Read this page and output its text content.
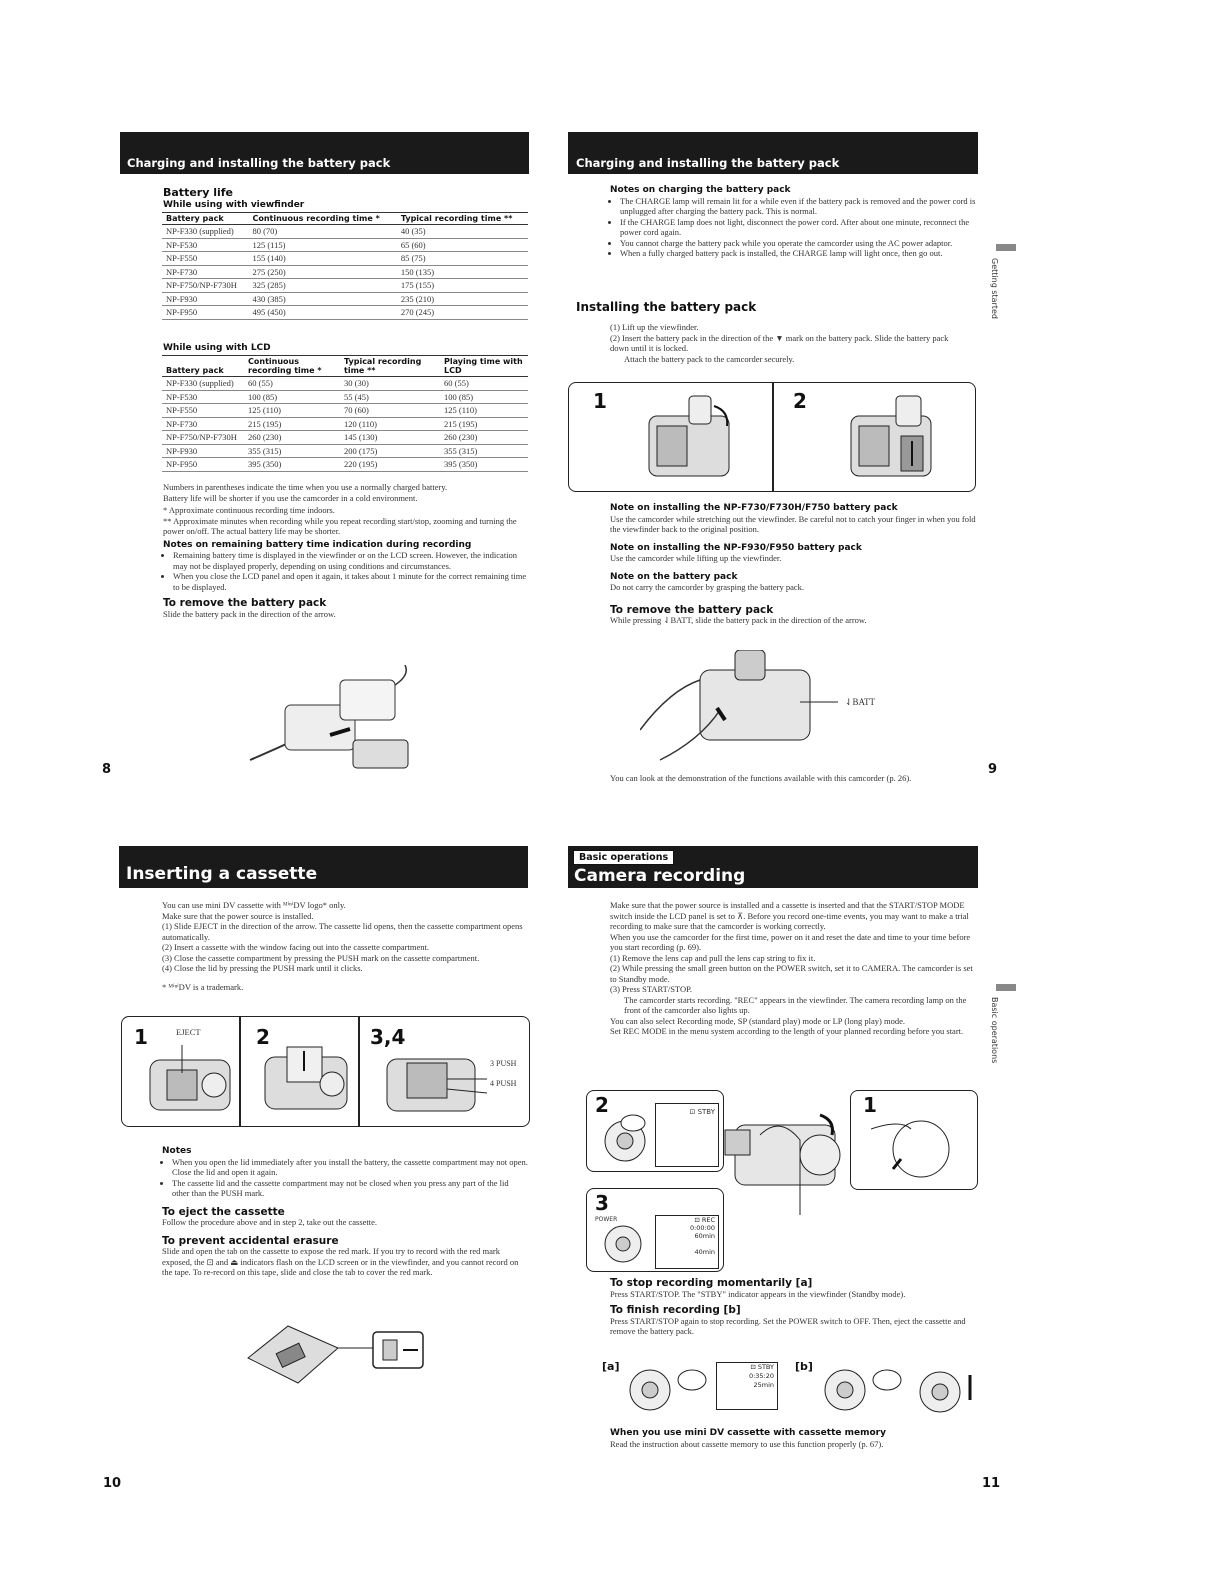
Charging and installing the battery pack
Battery life
While using with viewfinder
Battery pack	Continuous recording time *	Typical recording time **
NP-F330 (supplied)	80 (70)	40 (35)
NP-F530	125 (115)	65 (60)
NP-F550	155 (140)	85 (75)
NP-F730	275 (250)	150 (135)
NP-F750/NP-F730H	325 (285)	175 (155)
NP-F930	430 (385)	235 (210)
NP-F950	495 (450)	270 (245)
While using with LCD
Battery pack	Continuous recording time *	Typical recording time **	Playing time with LCD
NP-F330 (supplied)	60 (55)	30 (30)	60 (55)
NP-F530	100 (85)	55 (45)	100 (85)
NP-F550	125 (110)	70 (60)	125 (110)
NP-F730	215 (195)	120 (110)	215 (195)
NP-F750/NP-F730H	260 (230)	145 (130)	260 (230)
NP-F930	355 (315)	200 (175)	355 (315)
NP-F950	395 (350)	220 (195)	395 (350)
Numbers in parentheses indicate the time when you use a normally charged battery.
Battery life will be shorter if you use the camcorder in a cold environment.
* Approximate continuous recording time indoors.
** Approximate minutes when recording while you repeat recording start/stop, zooming and turning the power on/off. The actual battery life may be shorter.
Notes on remaining battery time indication during recording
• Remaining battery time is displayed in the viewfinder or on the LCD screen. However, the indication may not be displayed properly, depending on using conditions and circumstances.
• When you close the LCD panel and open it again, it takes about 1 minute for the correct remaining time to be displayed.
To remove the battery pack
Slide the battery pack in the direction of the arrow.
8
Charging and installing the battery pack
Notes on charging the battery pack
• The CHARGE lamp will remain lit for a while even if the battery pack is removed and the power cord is unplugged after charging the battery pack. This is normal.
• If the CHARGE lamp does not light, disconnect the power cord. After about one minute, reconnect the power cord again.
• You cannot charge the battery pack while you operate the camcorder using the AC power adaptor.
• When a fully charged battery pack is installed, the CHARGE lamp will light once, then go out.
Installing the battery pack
(1) Lift up the viewfinder.
(2) Insert the battery pack in the direction of the ▼ mark on the battery pack. Slide the battery pack down until it is locked.
Attach the battery pack to the camcorder securely.
1	2
Note on installing the NP-F730/F730H/F750 battery pack
Use the camcorder while stretching out the viewfinder. Be careful not to catch your finger in when you fold the viewfinder back to the original position.
Note on installing the NP-F930/F950 battery pack
Use the camcorder while lifting up the viewfinder.
Note on the battery pack
Do not carry the camcorder by grasping the battery pack.
To remove the battery pack
While pressing ⇃BATT, slide the battery pack in the direction of the arrow.
⇃BATT
You can look at the demonstration of the functions available with this camcorder (p. 26).
Getting started
9
Inserting a cassette
You can use mini DV cassette with ᴹⁱⁿⁱDV logo* only.
Make sure that the power source is installed.
(1) Slide EJECT in the direction of the arrow. The cassette lid opens, then the cassette compartment opens automatically.
(2) Insert a cassette with the window facing out into the cassette compartment.
(3) Close the cassette compartment by pressing the PUSH mark on the cassette compartment.
(4) Close the lid by pressing the PUSH mark until it clicks.
* ᴹⁱⁿⁱDV is a trademark.
1	2	3,4
EJECT
3 PUSH
4 PUSH
Notes
• When you open the lid immediately after you install the battery, the cassette compartment may not open. Close the lid and open it again.
• The cassette lid and the cassette compartment may not be closed when you press any part of the lid other than the PUSH mark.
To eject the cassette
Follow the procedure above and in step 2, take out the cassette.
To prevent accidental erasure
Slide and open the tab on the cassette to expose the red mark. If you try to record with the red mark exposed, the ⊡ and ⏏ indicators flash on the LCD screen or in the viewfinder, and you cannot record on the tape. To re-record on this tape, slide and close the tab to cover the red mark.
10
Basic operations
Camera recording
Make sure that the power source is installed and a cassette is inserted and that the START/STOP MODE switch inside the LCD panel is set to ⊼. Before you record one-time events, you may want to make a trial recording to make sure that the camcorder is working correctly.
When you use the camcorder for the first time, power on it and reset the date and time to your time before you start recording (p. 69).
(1) Remove the lens cap and pull the lens cap string to fix it.
(2) While pressing the small green button on the POWER switch, set it to CAMERA. The camcorder is set to Standby mode.
(3) Press START/STOP.
The camcorder starts recording. "REC" appears in the viewfinder. The camera recording lamp on the front of the camcorder also lights up.
You can also select Recording mode, SP (standard play) mode or LP (long play) mode.
Set REC MODE in the menu system according to the length of your planned recording before you start.
2	⊡ STBY	1
3
POWER	⊡ REC
0:00:00
60min
40min
To stop recording momentarily [a]
Press START/STOP. The "STBY" indicator appears in the viewfinder (Standby mode).
To finish recording [b]
Press START/STOP again to stop recording. Set the POWER switch to OFF. Then, eject the cassette and remove the battery pack.
[a]	⊡ STBY
0:35:20
25min
[b]
When you use mini DV cassette with cassette memory
Read the instruction about cassette memory to use this function properly (p. 67).
Basic operations
11
